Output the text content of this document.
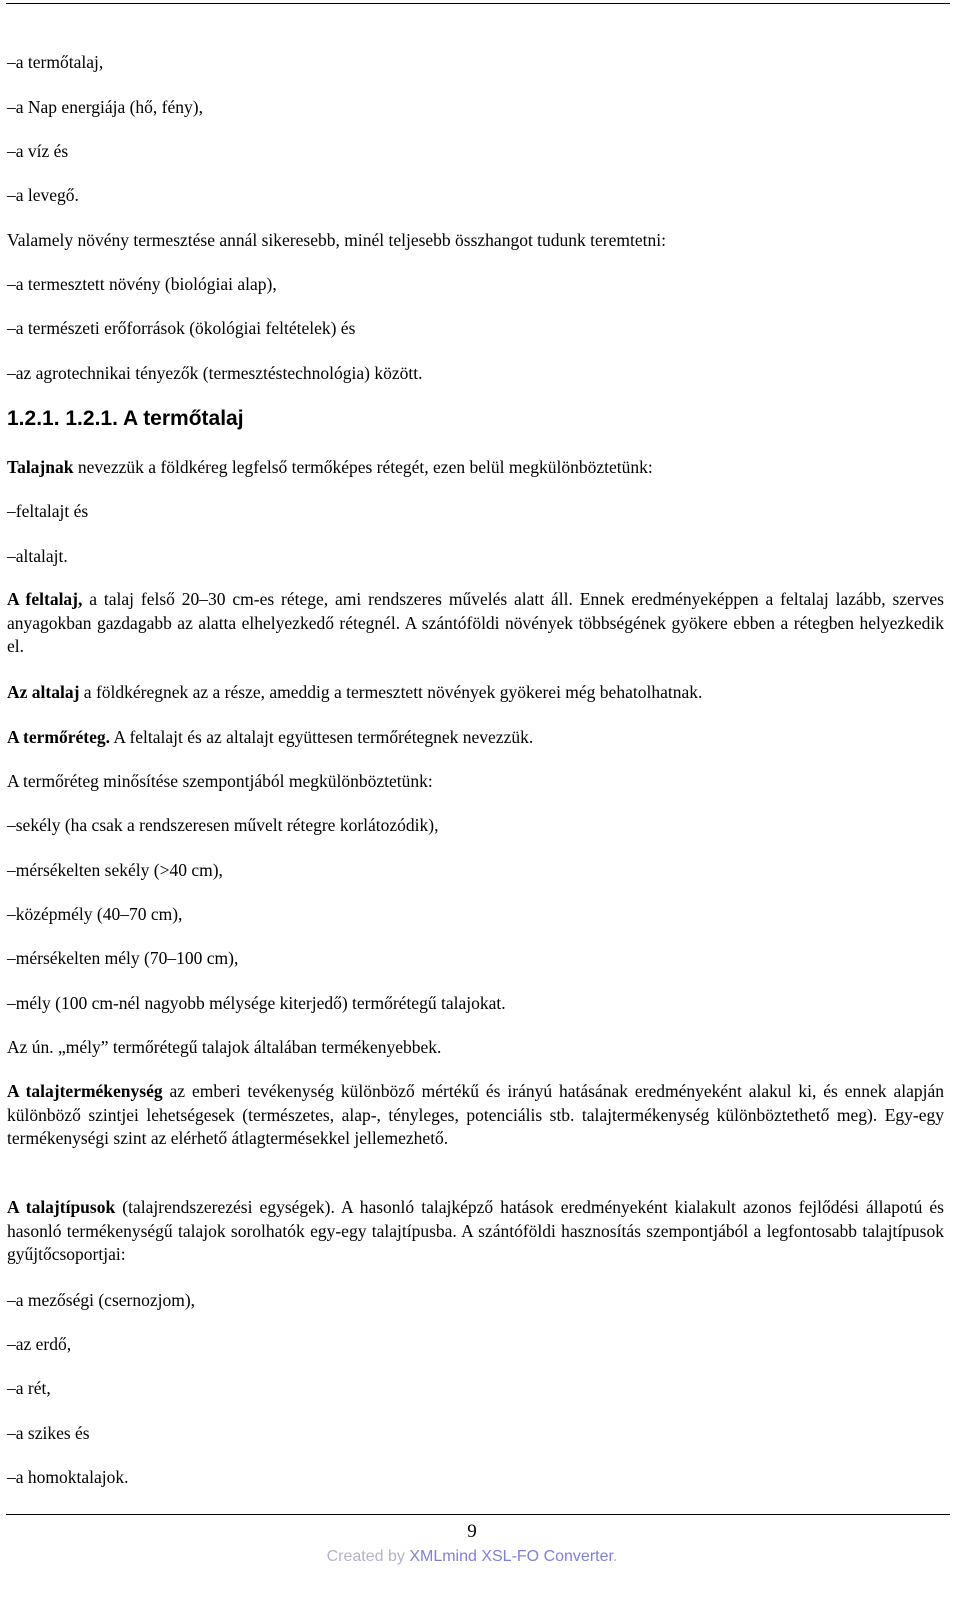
–a termőtalaj,
–a Nap energiája (hő, fény),
–a víz és
–a levegő.
Valamely növény termesztése annál sikeresebb, minél teljesebb összhangot tudunk teremtetni:
–a termesztett növény (biológiai alap),
–a természeti erőforrások (ökológiai feltételek) és
–az agrotechnikai tényezők (termesztéstechnológia) között.
1.2.1. 1.2.1. A termőtalaj
Talajnak nevezzük a földkéreg legfelső termőképes rétegét, ezen belül megkülönböztetünk:
–feltalajt és
–altalajt.
A feltalaj, a talaj felső 20–30 cm-es rétege, ami rendszeres művelés alatt áll. Ennek eredményeképpen a feltalaj lazább, szerves anyagokban gazdagabb az alatta elhelyezkedő rétegnél. A szántóföldi növények többségének gyökere ebben a rétegben helyezkedik el.
Az altalaj a földkéregnek az a része, ameddig a termesztett növények gyökerei még behatolhatnak.
A termőréteg. A feltalajt és az altalajt együttesen termőrétegnek nevezzük.
A termőréteg minősítése szempontjából megkülönböztetünk:
–sekély (ha csak a rendszeresen művelt rétegre korlátozódik),
–mérsékelten sekély (>40 cm),
–középmély (40–70 cm),
–mérsékelten mély (70–100 cm),
–mély (100 cm-nél nagyobb mélysége kiterjedő) termőrétegű talajokat.
Az ún. „mély” termőrétegű talajok általában termékenyebbek.
A talajtermékenység az emberi tevékenység különböző mértékű és irányú hatásának eredményeként alakul ki, és ennek alapján különböző szintjei lehetségesek (természetes, alap-, tényleges, potenciális stb. talajtermékenység különböztethető meg). Egy-egy termékenységi szint az elérhető átlagtermésekkel jellemezhető.
A talajtípusok (talajrendszerezési egységek). A hasonló talajképző hatások eredményeként kialakult azonos fejlődési állapotú és hasonló termékenységű talajok sorolhatók egy-egy talajtípusba. A szántóföldi hasznosítás szempontjából a legfontosabb talajtípusok gyűjtőcsoportjai:
–a mezőségi (csernozjom),
–az erdő,
–a rét,
–a szikes és
–a homoktalajok.
9
Created by XMLmind XSL-FO Converter.
